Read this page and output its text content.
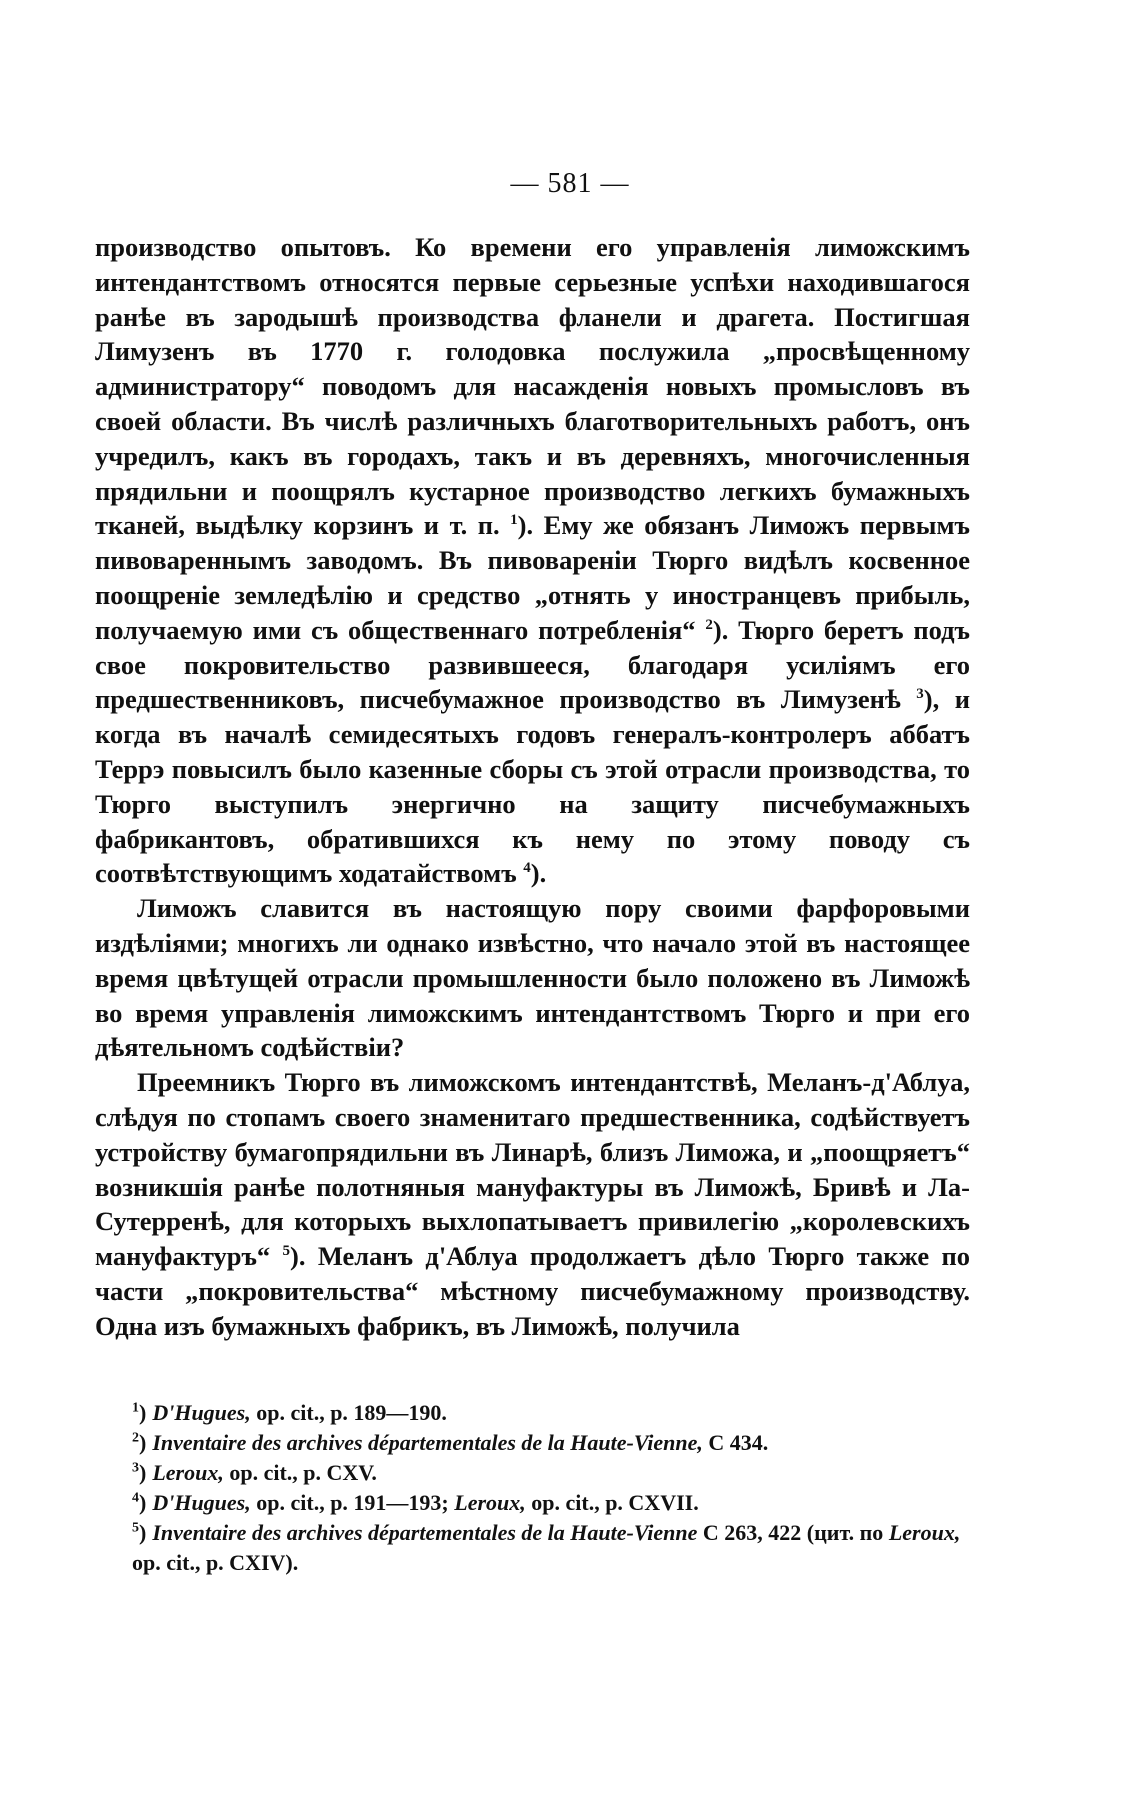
— 581 —

производство опытовъ. Ко времени его управленія лиможскимъ интендантствомъ относятся первые серьезные успѣхи находившагося ранѣе въ зародышѣ производства фланели и драгета. Постигшая Лимузенъ въ 1770 г. голодовка послужила „просвѣщенному администратору“ поводомъ для насажденія новыхъ промысловъ въ своей области. Въ числѣ различныхъ благотворительныхъ работъ, онъ учредилъ, какъ въ городахъ, такъ и въ деревняхъ, многочисленныя прядильни и поощрялъ кустарное производство легкихъ бумажныхъ тканей, выдѣлку корзинъ и т. п. $^1$). Ему же обязанъ Лиможъ первымъ пивовареннымъ заводомъ. Въ пивовареніи Тюрго видѣлъ косвенное поощреніе земледѣлію и средство „отнять у иностранцевъ прибыль, получаемую ими съ общественнаго потребленія“ $^2$). Тюрго беретъ подъ свое покровительство развившееся, благодаря усиліямъ его предшественниковъ, писчебумажное производство въ Лимузенѣ $^3$), и когда въ началѣ семидесятыхъ годовъ генералъ-контролеръ аббатъ Террэ повысилъ было казенные сборы съ этой отрасли производства, то Тюрго выступилъ энергично на защиту писчебумажныхъ фабрикантовъ, обратившихся къ нему по этому поводу съ соотвѣтствующимъ ходатайствомъ $^4$).

Лиможъ славится въ настоящую пору своими фарфоровыми издѣліями; многихъ ли однако извѣстно, что начало этой въ настоящее время цвѣтущей отрасли промышленности было положено въ Лиможѣ во время управленія лиможскимъ интендантствомъ Тюрго и при его дѣятельномъ содѣйствіи?

Преемникъ Тюрго въ лиможскомъ интендантствѣ, Меланъ-д'Аблуа, слѣдуя по стопамъ своего знаменитаго предшественника, содѣйствуетъ устройству бумагопрядильни въ Линарѣ, близъ Лиможа, и „поощряетъ“ возникшія ранѣе полотняныя мануфактуры въ Лиможѣ, Бривѣ и Ла-Сутерренѣ, для которыхъ выхлопатываетъ привилегію „королевскихъ мануфактуръ“ $^5$). Меланъ д'Аблуа продолжаетъ дѣло Тюрго также по части „покровительства“ мѣстному писчебумажному производству. Одна изъ бумажныхъ фабрикъ, въ Лиможѣ, получила

$^1$) D'Hugues, op. cit., p. 189—190.

$^2$) Inventaire des archives départementales de la Haute-Vienne, C 434.

$^3$) Leroux, op. cit., p. CXV.

$^4$) D'Hugues, op. cit., p. 191—193; Leroux, op. cit., p. CXVII.

$^5$) Inventaire des archives départementales de la Haute-Vienne C 263, 422 (цит. по Leroux, op. cit., p. CXIV).
